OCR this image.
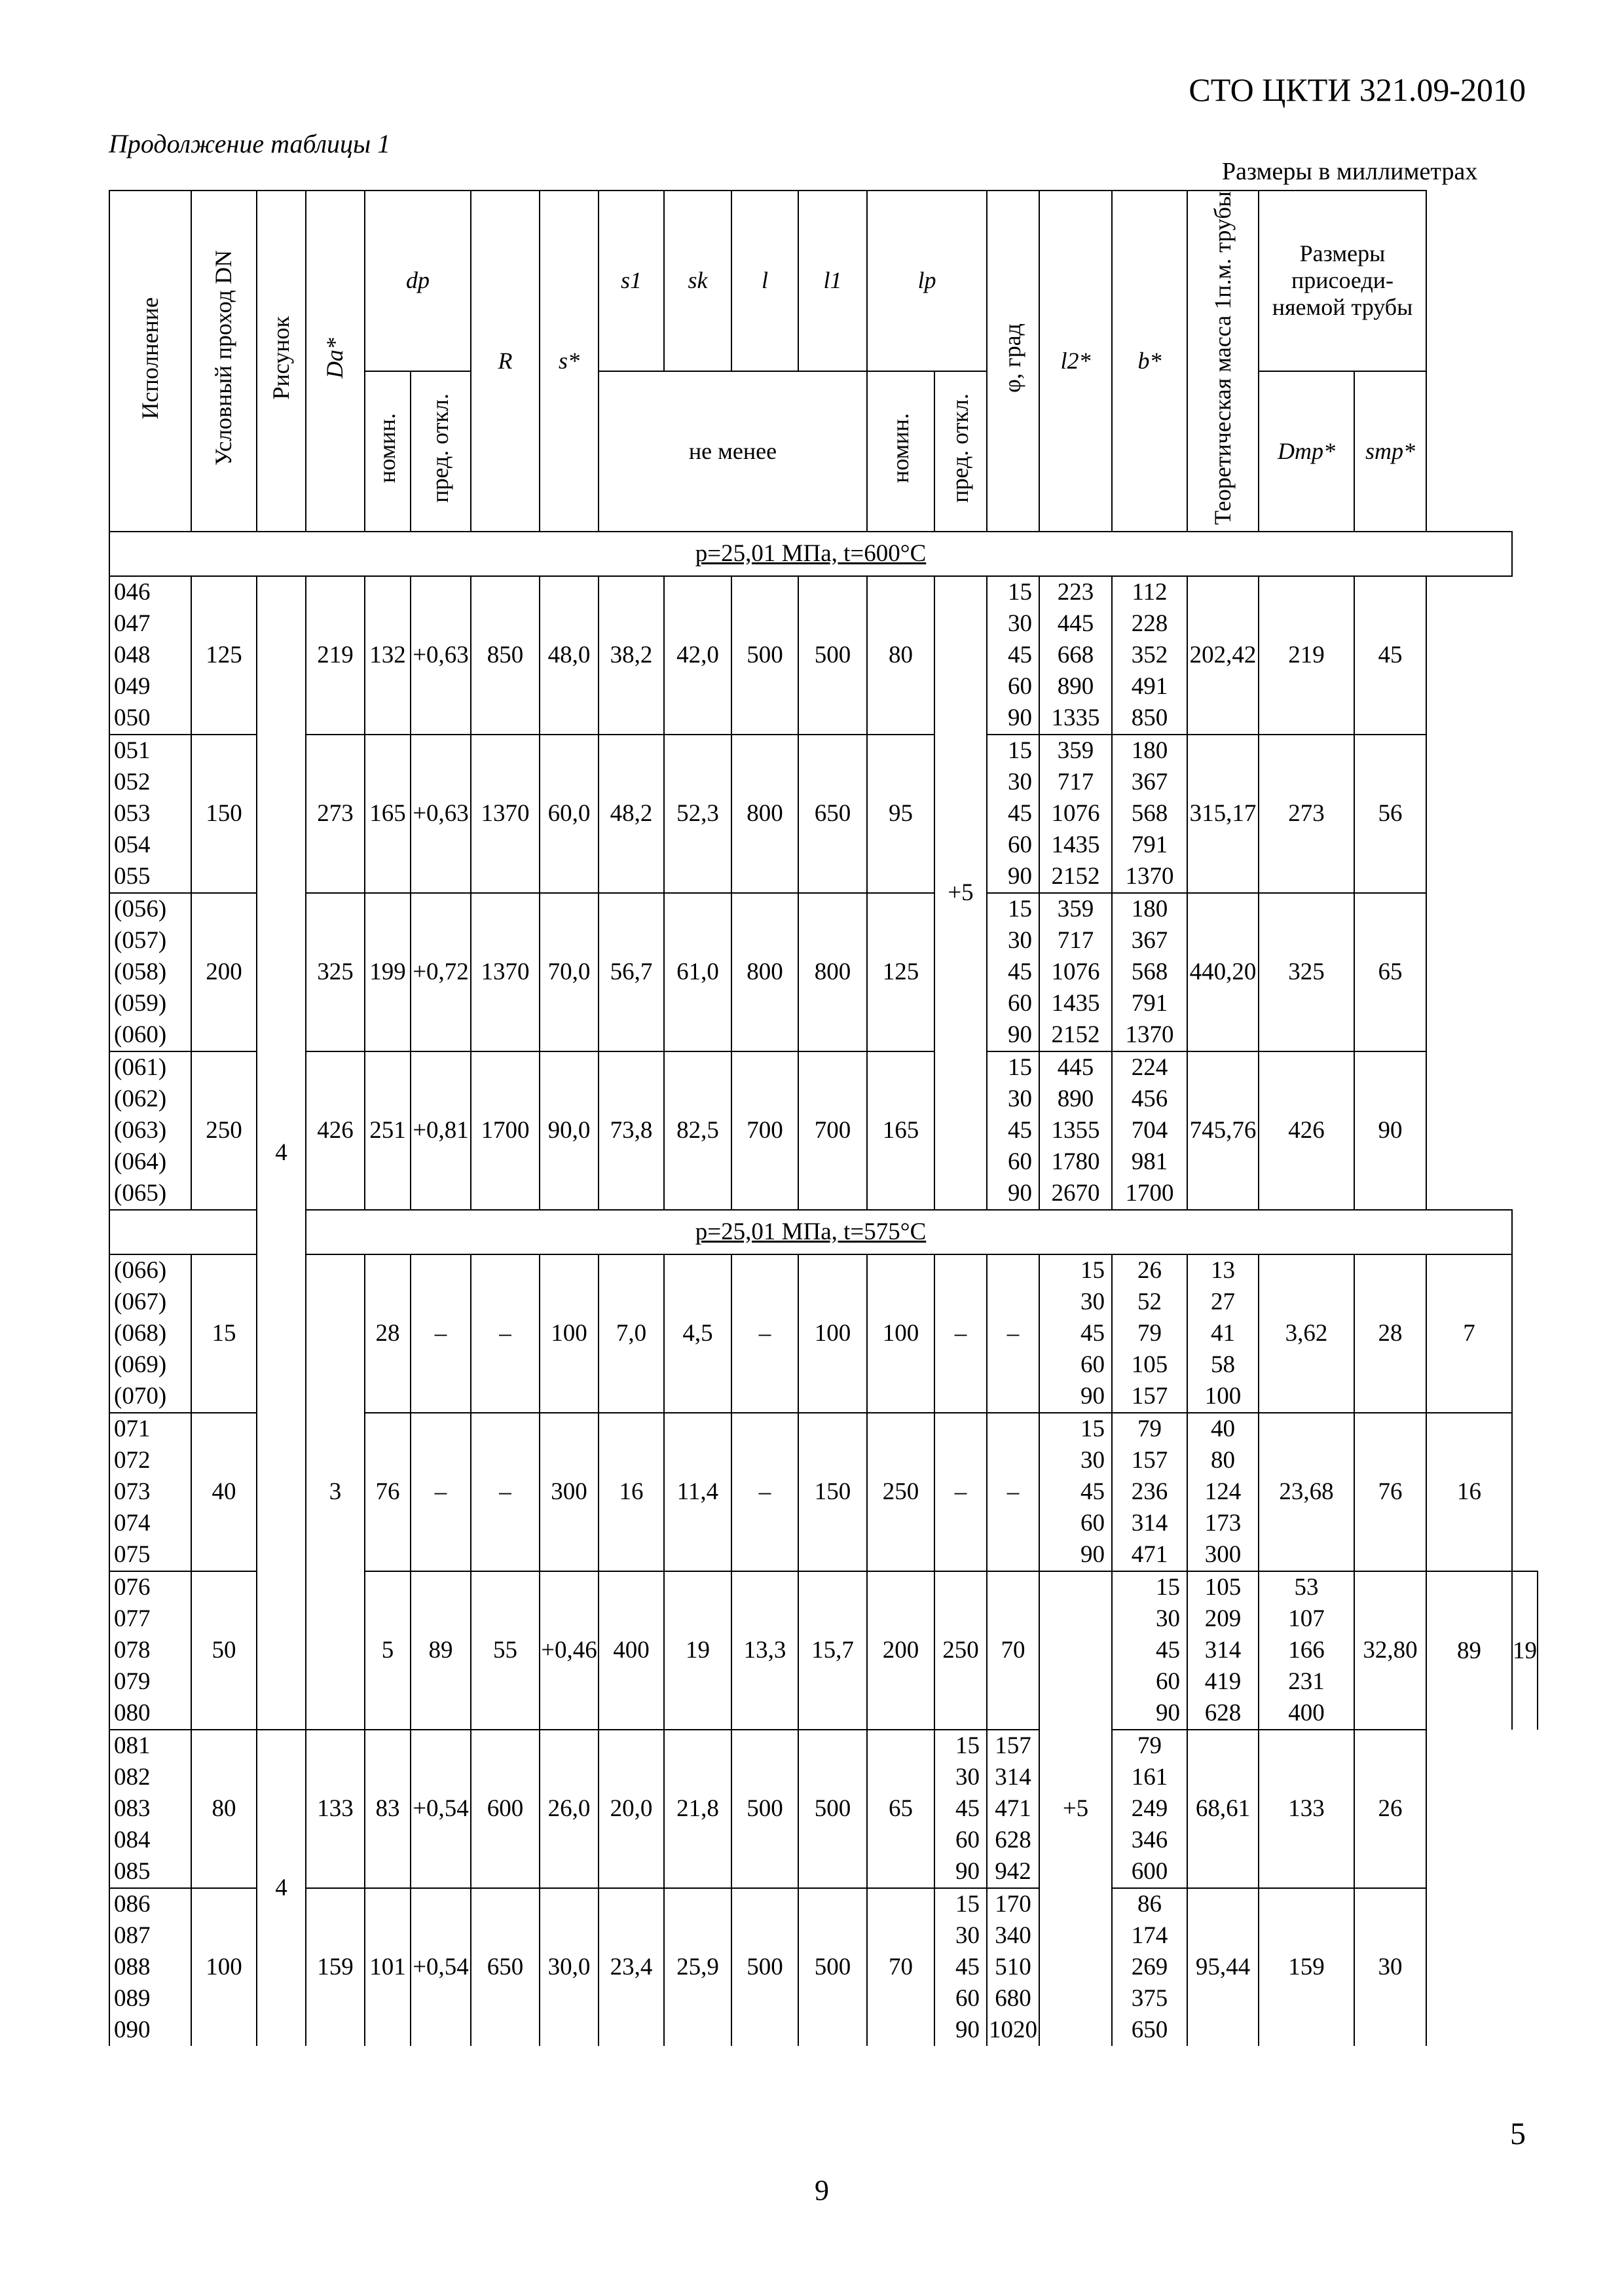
СТО ЦКТИ 321.09-2010
Продолжение таблицы 1
Размеры в миллиметрах
Исполнение	Условный проход DN	Рисунок	Da*	dp		R	s*	s1	sk	l	l1	lp		φ, град	l2*	b*	Теоретическая масса 1п.м. трубы	Размеры присоеди-няемой трубы			
				номин.	пред. откл.			не менее				номин.	пред. откл.					Dтр*	sтр*		
р=25,01 МПа, t=600°С																					
046	125	4	219	132	+0,63	850	48,0	38,2	42,0	500	500	80	+5	15	223	112	202,42	219	45		
047														30	445	228					
048														45	668	352					
049														60	890	491					
050														90	1335	850					
051	150		273	165	+0,63	1370	60,0	48,2	52,3	800	650	95		15	359	180	315,17	273	56		
052														30	717	367					
053														45	1076	568					
054														60	1435	791					
055														90	2152	1370					
(056)	200		325	199	+0,72	1370	70,0	56,7	61,0	800	800	125		15	359	180	440,20	325	65		
(057)														30	717	367					
(058)														45	1076	568					
(059)														60	1435	791					
(060)														90	2152	1370					
(061)	250		426	251	+0,81	1700	90,0	73,8	82,5	700	700	165		15	445	224	745,76	426	90		
(062)														30	890	456					
(063)														45	1355	704					
(064)														60	1780	981					
(065)														90	2670	1700					
р=25,01 МПа, t=575°С																					
(066)	15		3	28	–	–	100	7,0	4,5	–	100	100	–	–	15	26	13	3,62	28	7	
(067)															30	52	27				
(068)															45	79	41				
(069)															60	105	58				
(070)															90	157	100				
071	40			76	–	–	300	16	11,4	–	150	250	–	–	15	79	40	23,68	76	16	
072															30	157	80				
073															45	236	124				
074															60	314	173				
075															90	471	300				
076	50			5	89	55	+0,46	400	19	13,3	15,7	200	250	70	+5	15	105	53	32,80	89	19
077																30	209	107			
078																45	314	166			
079																60	419	231			
080																90	628	400			
081	80	4	133	83	+0,54	600	26,0	20,0	21,8	500	500	65	15	157		79	68,61	133	26		
082													30	314		161					
083													45	471		249					
084													60	628		346					
085													90	942		600					
086	100		159	101	+0,54	650	30,0	23,4	25,9	500	500	70	15	170		86	95,44	159	30		
087													30	340		174					
088													45	510		269					
089													60	680		375					
090													90	1020		650					
9
5
